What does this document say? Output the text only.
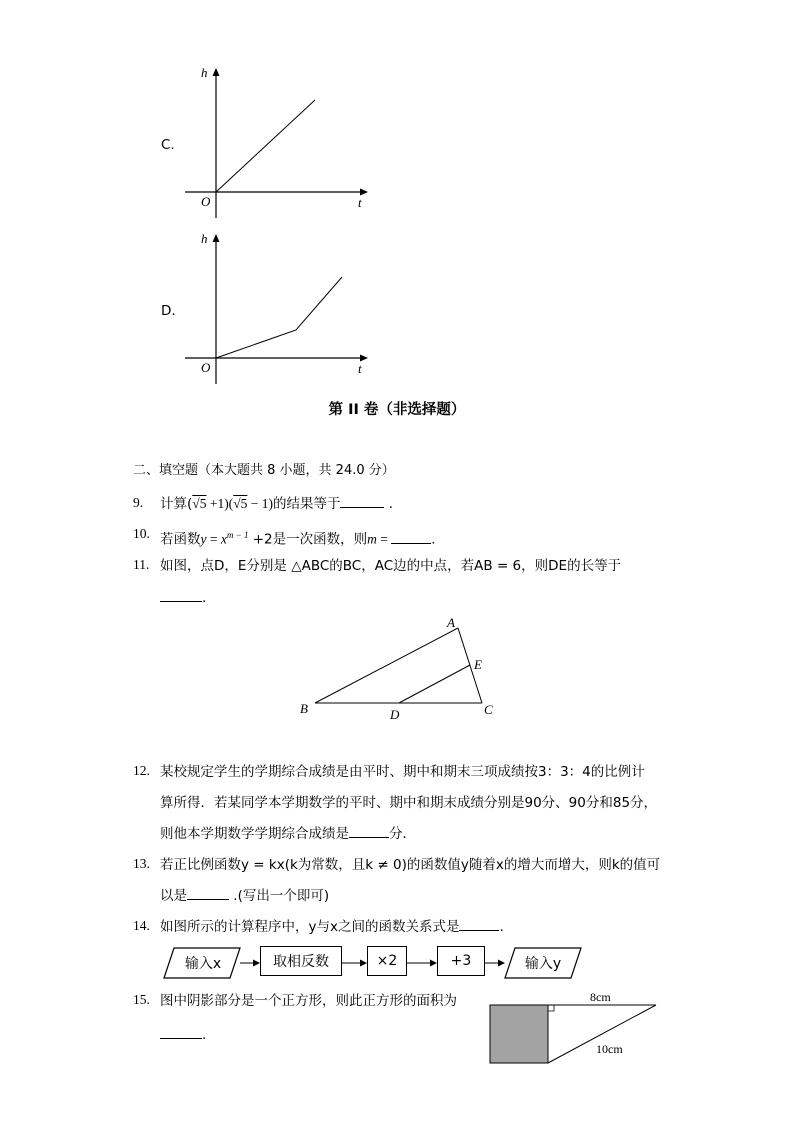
C.
h
t
O
D.
h
t
O
第 II 卷（非选择题）
二、填空题（本大题共 8 小题，共 24.0 分）
9. 计算(√5 +1)(√5 − 1)的结果等于	.
10. 若函数$y = x^{m - 1} +2$是一次函数，则m =	.
11. 如图，点D，E分别是 △ABC的BC，AC边的中点，若AB = 6，则DE的长等于
.
A
B	C
D
E
12. 某校规定学生的学期综合成绩是由平时、期中和期末三项成绩按3：3：4的比例计
算所得．若某同学本学期数学的平时、期中和期末成绩分别是90分、90分和85分，
则他本学期数学学期综合成绩是	分．
13. 若正比例函数y = kx(k为常数，且k ≠ 0)的函数值y随着x的增大而增大，则k的值可
以是	.(写出一个即可)
14. 如图所示的计算程序中，y与x之间的函数关系式是	.
输入x	取相反数	×2	+3	输入y
15. 图中阴影部分是一个正方形，则此正方形的面积为
.
8cm
10cm
